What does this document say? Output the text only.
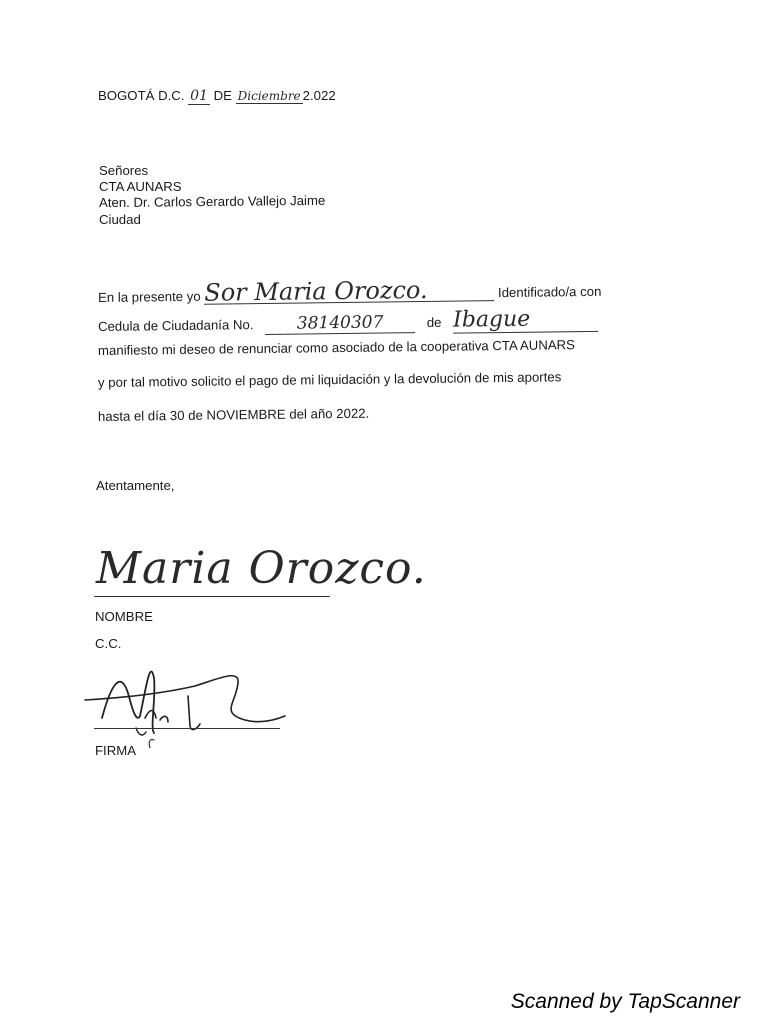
BOGOTÁ D.C. 01 DE Diciembre 2.022
Señores
CTA AUNARS
Aten. Dr. Carlos Gerardo Vallejo Jaime
Ciudad
En la presente yo Sor Maria Orozco.	Identificado/a con
Cedula de Ciudadanía No.	38140307	de Ibague
manifiesto mi deseo de renunciar como asociado de la cooperativa CTA AUNARS
y por tal motivo solicito el pago de mi liquidación y la devolución de mis aportes
hasta el día 30 de NOVIEMBRE del año 2022.
Atentamente,
Maria Orozco.
NOMBRE
C.C.
FIRMA
Scanned by TapScanner
